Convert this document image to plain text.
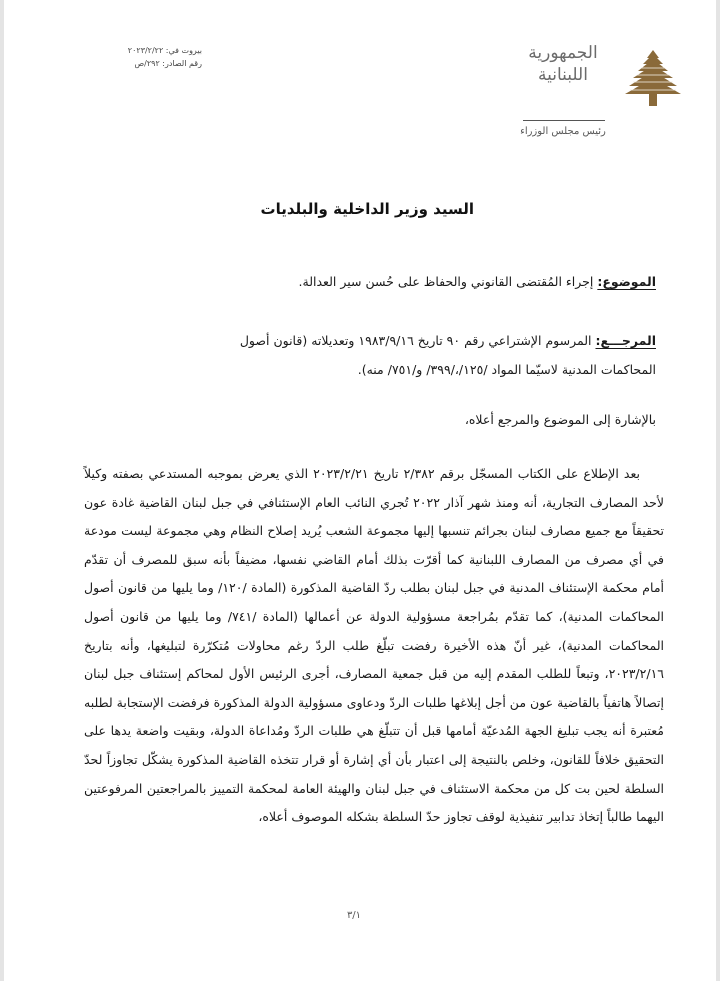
بيروت في: ٢٠٢٣/٢/٢٢
رقم الصادر: ٢٩٢/ص
الجمهورية
اللبنانية
رئيس مجلس الوزراء
السيد وزير الداخلية والبلديات
الموضوع: إجراء المُقتضى القانوني والحفاظ على حُسن سير العدالة.
المرجـــع: المرسوم الإشتراعي رقم ٩٠ تاريخ ١٩٨٣/٩/١٦ وتعديلاته (قانون أصول
المحاكمات المدنية لاسيّما المواد /١٢٥/،/٣٩٩/ و/٧٥١/ منه).
بالإشارة إلى الموضوع والمرجع أعلاه،

بعد الإطلاع على الكتاب المسجّل برقم ٢/٣٨٢ تاريخ ٢٠٢٣/٢/٢١ الذي يعرض بموجبه المستدعي بصفته وكيلاً لأحد المصارف التجارية، أنه ومنذ شهر آذار ٢٠٢٢ تُجري النائب العام الإستئنافي في جبل لبنان القاضية غادة عون تحقيقاً مع جميع مصارف لبنان بجرائم تنسبها إليها مجموعة الشعب يُريد إصلاح النظام وهي مجموعة ليست مودعة في أي مصرف من المصارف اللبنانية كما أقرّت بذلك أمام القاضي نفسها، مضيفاً بأنه سبق للمصرف أن تقدّم أمام محكمة الإستئناف المدنية في جبل لبنان بطلب ردّ القاضية المذكورة (المادة /١٢٠/ وما يليها من قانون أصول المحاكمات المدنية)، كما تقدّم بمُراجعة مسؤولية الدولة عن أعمالها (المادة /٧٤١/ وما يليها من قانون أصول المحاكمات المدنية)، غير أنّ هذه الأخيرة رفضت تبلّغ طلب الردّ رغم محاولات مُتكرّرة لتبليغها، وأنه بتاريخ ٢٠٢٣/٢/١٦، وتبعاً للطلب المقدم إليه من قبل جمعية المصارف، أجرى الرئيس الأول لمحاكم إستئناف جبل لبنان إتصالاً هاتفياً بالقاضية عون من أجل إبلاغها طلبات الردّ ودعاوى مسؤولية الدولة المذكورة فرفضت الإستجابة لطلبه مُعتبرة أنه يجب تبليغ الجهة المُدعيّة أمامها قبل أن تتبلّغ هي طلبات الردّ ومُداعاة الدولة، وبقيت واضعة يدها على التحقيق خلافاً للقانون، وخلص بالنتيجة إلى اعتبار بأن أي إشارة أو قرار تتخذه القاضية المذكورة يشكّل تجاوزاً لحدّ السلطة لحين بت كل من محكمة الاستئناف في جبل لبنان والهيئة العامة لمحكمة التمييز بالمراجعتين المرفوعتين اليهما طالباً إتخاذ تدابير تنفيذية لوقف تجاوز حدّ السلطة بشكله الموصوف أعلاه،

٣/١
